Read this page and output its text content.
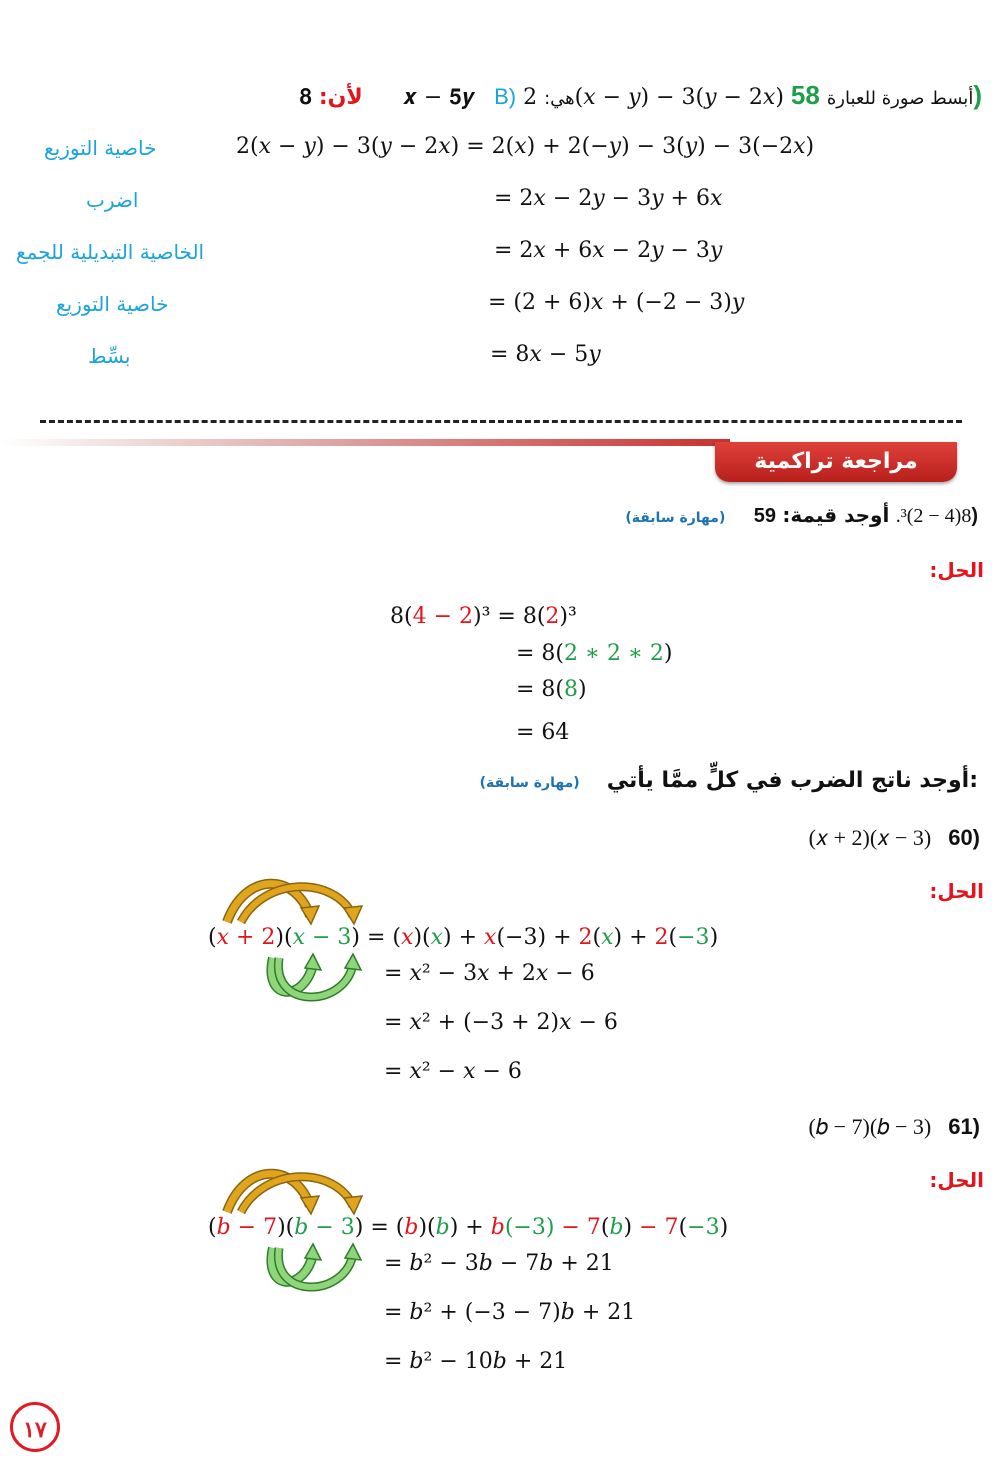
لأن: 𝟖𝒙 − 𝟓𝒚 B) هي: 2(𝑥 − 𝑦) − 3(𝑦 − 2𝑥) أبسط صورة للعبارة 58)
2(𝑥 − 𝑦) − 3(𝑦 − 2𝑥) = 2(𝑥) + 2(−𝑦) − 3(𝑦) − 3(−2𝑥)
خاصية التوزيع
= 2𝑥 − 2𝑦 − 3𝑦 + 6𝑥
اضرب
= 2𝑥 + 6𝑥 − 2𝑦 − 3𝑦
الخاصية التبديلية للجمع
= (2 + 6)𝑥 + (−2 − 3)𝑦
خاصية التوزيع
= 8𝑥 − 5𝑦
بسِّط
مراجعة تراكمية
(مهارة سابقة)	8(4 − 2)³. أوجد قيمة: 59)
الحل:
8(4 − 2)³ = 8(2)³
= 8(2 ∗ 2 ∗ 2)
= 8(8)
= 64
(مهارة سابقة) أوجد ناتج الضرب في كلٍّ ممَّا يأتي:
(𝑥 + 2)(𝑥 − 3) 60)
الحل:
(𝑥 + 2)(𝑥 − 3) = (𝑥)(𝑥) + 𝑥(−3) + 2(𝑥) + 2(−3)
= 𝑥² − 3𝑥 + 2𝑥 − 6
= 𝑥² + (−3 + 2)𝑥 − 6
= 𝑥² − 𝑥 − 6
(𝑏 − 7)(𝑏 − 3) 61)
الحل:
(𝑏 − 7)(𝑏 − 3) = (𝑏)(𝑏) + 𝑏(−3) − 7(𝑏) − 7(−3)
= 𝑏² − 3𝑏 − 7𝑏 + 21
= 𝑏² + (−3 − 7)𝑏 + 21
= 𝑏² − 10𝑏 + 21
١٧
